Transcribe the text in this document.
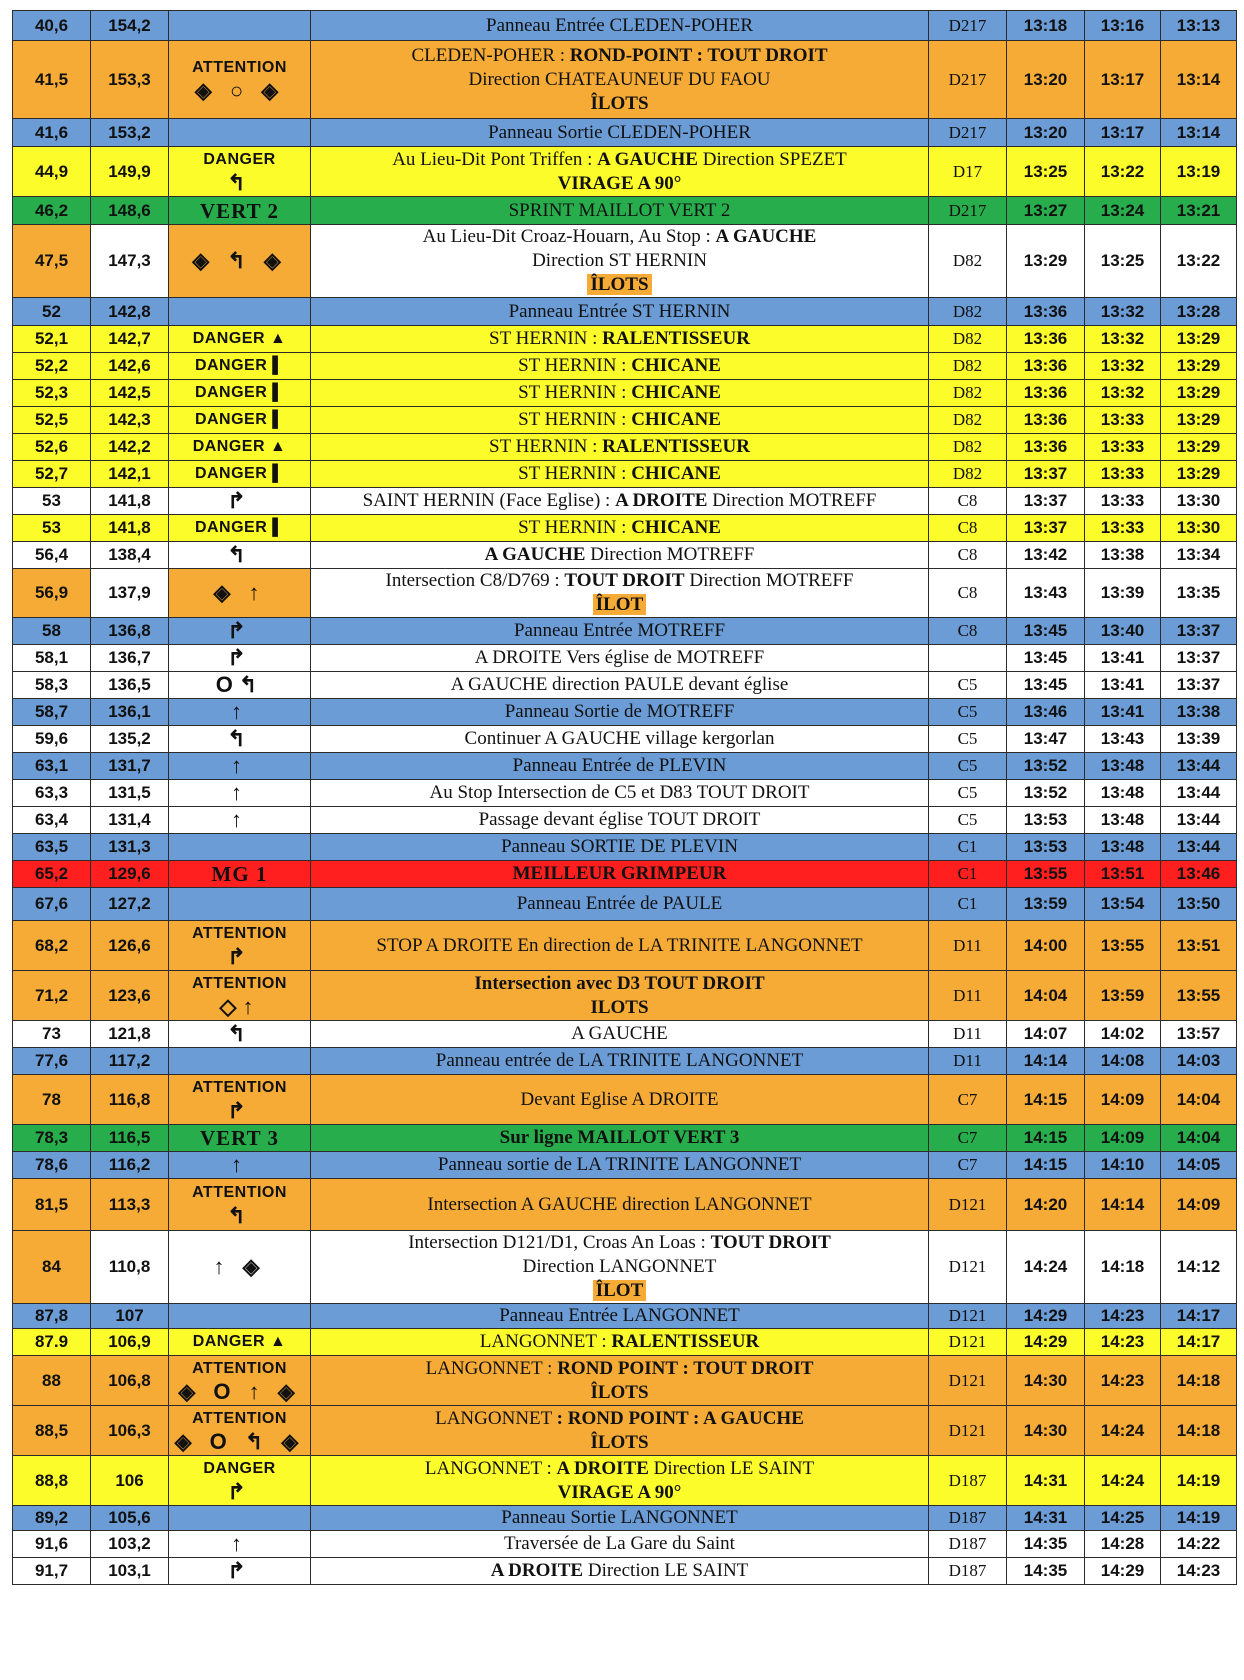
40,6	154,2		Panneau Entrée CLEDEN-POHER	D217	13:18	13:16	13:13
41,5	153,3	ATTENTION
◈ ○ ◈	CLEDEN-POHER : ROND-POINT : TOUT DROIT
Direction CHATEAUNEUF DU FAOU
ÎLOTS	D217	13:20	13:17	13:14
41,6	153,2		Panneau Sortie CLEDEN-POHER	D217	13:20	13:17	13:14
44,9	149,9	DANGER
↰	Au Lieu-Dit Pont Triffen : A GAUCHE Direction SPEZET
VIRAGE A 90°	D17	13:25	13:22	13:19
46,2	148,6	VERT 2	SPRINT MAILLOT VERT 2	D217	13:27	13:24	13:21
47,5	147,3	◈ ↰ ◈	Au Lieu-Dit Croaz-Houarn, Au Stop : A GAUCHE
Direction ST HERNIN
ÎLOTS	D82	13:29	13:25	13:22
52	142,8		Panneau Entrée ST HERNIN	D82	13:36	13:32	13:28
52,1	142,7	DANGER ▲	ST HERNIN : RALENTISSEUR	D82	13:36	13:32	13:29
52,2	142,6	DANGER ▌	ST HERNIN : CHICANE	D82	13:36	13:32	13:29
52,3	142,5	DANGER ▌	ST HERNIN : CHICANE	D82	13:36	13:32	13:29
52,5	142,3	DANGER ▌	ST HERNIN : CHICANE	D82	13:36	13:33	13:29
52,6	142,2	DANGER ▲	ST HERNIN : RALENTISSEUR	D82	13:36	13:33	13:29
52,7	142,1	DANGER ▌	ST HERNIN : CHICANE	D82	13:37	13:33	13:29
53	141,8	↱	SAINT HERNIN (Face Eglise) : A DROITE Direction MOTREFF	C8	13:37	13:33	13:30
53	141,8	DANGER ▌	ST HERNIN : CHICANE	C8	13:37	13:33	13:30
56,4	138,4	↰	A GAUCHE Direction MOTREFF	C8	13:42	13:38	13:34
56,9	137,9	◈ ↑	Intersection C8/D769 : TOUT DROIT Direction MOTREFF
ÎLOT	C8	13:43	13:39	13:35
58	136,8	↱	Panneau Entrée MOTREFF	C8	13:45	13:40	13:37
58,1	136,7	↱	A DROITE Vers église de MOTREFF		13:45	13:41	13:37
58,3	136,5	O↰	A GAUCHE direction PAULE devant église	C5	13:45	13:41	13:37
58,7	136,1	↑	Panneau Sortie de MOTREFF	C5	13:46	13:41	13:38
59,6	135,2	↰	Continuer A GAUCHE village kergorlan	C5	13:47	13:43	13:39
63,1	131,7	↑	Panneau Entrée de PLEVIN	C5	13:52	13:48	13:44
63,3	131,5	↑	Au Stop Intersection de C5 et D83 TOUT DROIT	C5	13:52	13:48	13:44
63,4	131,4	↑	Passage devant église TOUT DROIT	C5	13:53	13:48	13:44
63,5	131,3		Panneau SORTIE DE PLEVIN	C1	13:53	13:48	13:44
65,2	129,6	MG 1	MEILLEUR GRIMPEUR	C1	13:55	13:51	13:46
67,6	127,2		Panneau Entrée de PAULE	C1	13:59	13:54	13:50
68,2	126,6	ATTENTION
↱	STOP A DROITE En direction de LA TRINITE LANGONNET	D11	14:00	13:55	13:51
71,2	123,6	ATTENTION
◇↑	Intersection avec D3 TOUT DROIT
ILOTS	D11	14:04	13:59	13:55
73	121,8	↰	A GAUCHE	D11	14:07	14:02	13:57
77,6	117,2		Panneau entrée de LA TRINITE LANGONNET	D11	14:14	14:08	14:03
78	116,8	ATTENTION
↱	Devant Eglise A DROITE	C7	14:15	14:09	14:04
78,3	116,5	VERT 3	Sur ligne MAILLOT VERT 3	C7	14:15	14:09	14:04
78,6	116,2	↑	Panneau sortie de LA TRINITE LANGONNET	C7	14:15	14:10	14:05
81,5	113,3	ATTENTION
↰	Intersection A GAUCHE direction LANGONNET	D121	14:20	14:14	14:09
84	110,8	↑ ◈	Intersection D121/D1, Croas An Loas : TOUT DROIT
Direction LANGONNET
ÎLOT	D121	14:24	14:18	14:12
87,8	107		Panneau Entrée LANGONNET	D121	14:29	14:23	14:17
87.9	106,9	DANGER ▲	LANGONNET : RALENTISSEUR	D121	14:29	14:23	14:17
88	106,8	ATTENTION
◈ O ↑ ◈	LANGONNET : ROND POINT : TOUT DROIT
ÎLOTS	D121	14:30	14:23	14:18
88,5	106,3	ATTENTION
◈ O ↰ ◈	LANGONNET : ROND POINT : A GAUCHE
ÎLOTS	D121	14:30	14:24	14:18
88,8	106	DANGER
↱	LANGONNET : A DROITE Direction LE SAINT
VIRAGE A 90°	D187	14:31	14:24	14:19
89,2	105,6		Panneau Sortie LANGONNET	D187	14:31	14:25	14:19
91,6	103,2	↑	Traversée de La Gare du Saint	D187	14:35	14:28	14:22
91,7	103,1	↱	A DROITE Direction LE SAINT	D187	14:35	14:29	14:23
